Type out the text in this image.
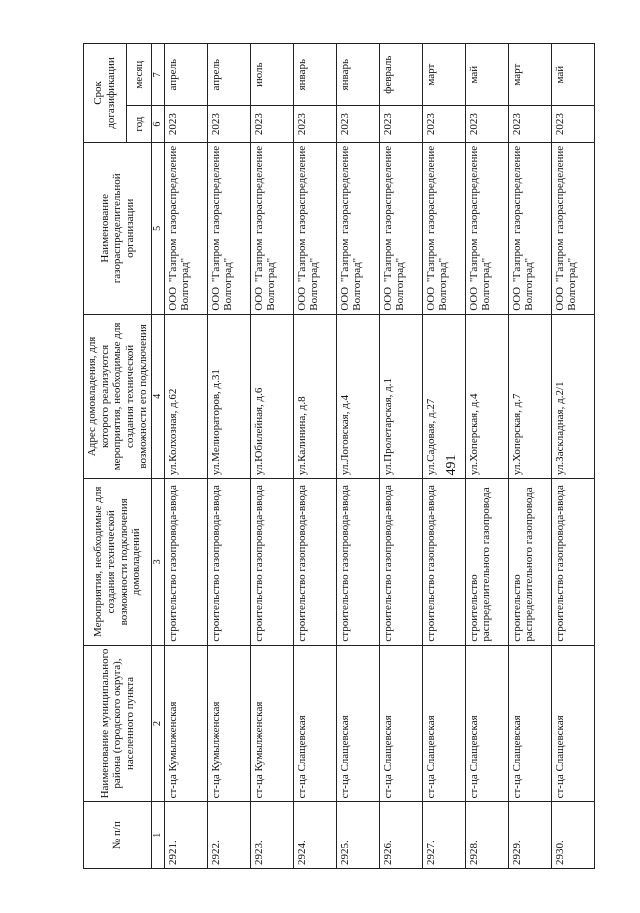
491
№ п/п	Наименование муниципального района (городского округа), населенного пункта	Мероприятия, необходимые для создания технической возможности подключения домовладений	Адрес домовладения, для которого реализуются мероприятия, необходимые для создания технической возможности его подключения	Наименование газораспределительной организации	Срок догазификации	
					год	месяц
1	2	3	4	5	6	7
2921.	ст-ца Кумылженская	строительство газопровода-ввода	ул.Колхозная, д.62	ООО "Газпром газораспределение Волгоград"	2023	апрель
2922.	ст-ца Кумылженская	строительство газопровода-ввода	ул.Мелиораторов, д.31	ООО "Газпром газораспределение Волгоград"	2023	апрель
2923.	ст-ца Кумылженская	строительство газопровода-ввода	ул.Юбилейная, д.6	ООО "Газпром газораспределение Волгоград"	2023	июль
2924.	ст-ца Слащевская	строительство газопровода-ввода	ул.Калинина, д.8	ООО "Газпром газораспределение Волгоград"	2023	январь
2925.	ст-ца Слащевская	строительство газопровода-ввода	ул.Логовская, д.4	ООО "Газпром газораспределение Волгоград"	2023	январь
2926.	ст-ца Слащевская	строительство газопровода-ввода	ул.Пролетарская, д.1	ООО "Газпром газораспределение Волгоград"	2023	февраль
2927.	ст-ца Слащевская	строительство газопровода-ввода	ул.Садовая, д.27	ООО "Газпром газораспределение Волгоград"	2023	март
2928.	ст-ца Слащевская	строительство распределительного газопровода	ул.Хоперская, д.4	ООО "Газпром газораспределение Волгоград"	2023	май
2929.	ст-ца Слащевская	строительство распределительного газопровода	ул.Хоперская, д.7	ООО "Газпром газораспределение Волгоград"	2023	март
2930.	ст-ца Слащевская	строительство газопровода-ввода	ул.Заскладная, д.2/1	ООО "Газпром газораспределение Волгоград"	2023	май
